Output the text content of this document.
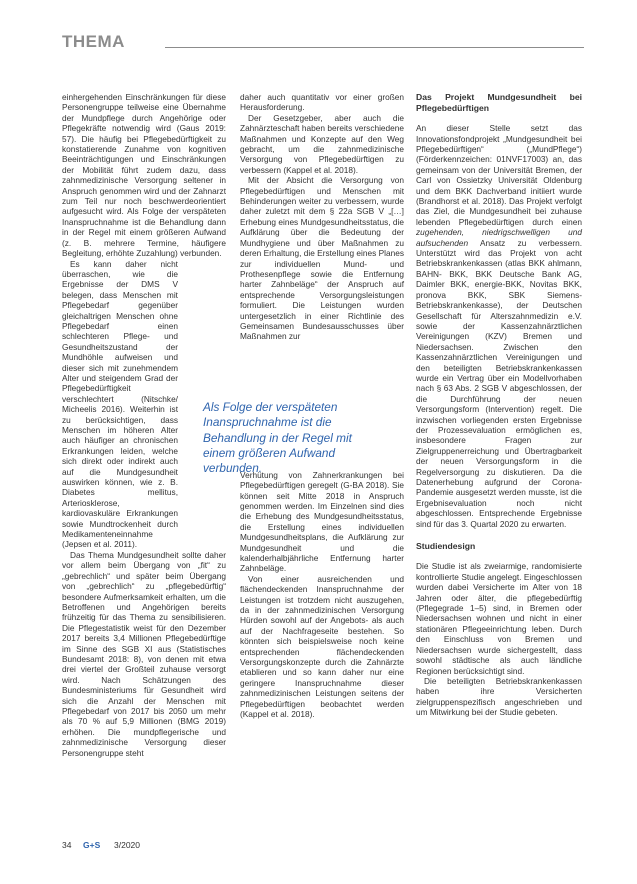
THEMA

einhergehenden Einschränkungen für diese Personengruppe teilweise eine Übernahme der Mundpflege durch Angehörige oder Pflegekräfte notwendig wird (Gaus 2019: 57). Die häufig bei Pflegebedürftigkeit zu konstatierende Zunahme von kognitiven Beeinträchtigungen und Einschränkungen der Mobilität führt zudem dazu, dass zahnmedizinische Versorgung seltener in Anspruch genommen wird und der Zahnarzt zum Teil nur noch beschwerdeorientiert aufgesucht wird. Als Folge der verspäteten Inanspruchnahme ist die Behandlung dann in der Regel mit einem größeren Aufwand (z. B. mehrere Termine, häufigere Begleitung, erhöhte Zuzahlung) verbunden.

Es kann daher nicht überraschen, wie die Ergebnisse der DMS V belegen, dass Menschen mit Pflegebedarf gegenüber gleichaltrigen Menschen ohne Pflegebedarf einen schlechteren Pflege- und Gesundheitszustand der Mundhöhle aufweisen und dieser sich mit zunehmendem Alter und steigendem Grad der Pflegebedürftigkeit verschlechtert (Nitschke/ Micheelis 2016). Weiterhin ist zu berücksichtigen, dass Menschen im höheren Alter auch häufiger an chronischen Erkrankungen leiden, welche sich direkt oder indirekt auch auf die Mundgesundheit auswirken können, wie z. B. Diabetes mellitus, Arteriosklerose, kardiovaskuläre Erkrankungen sowie Mundtrockenheit durch Medikamenteneinnahme (Jepsen et al. 2011).

Das Thema Mundgesundheit sollte daher vor allem beim Übergang von „fit“ zu „gebrechlich“ und später beim Übergang von „gebrechlich“ zu „pflegebedürftig“ besondere Aufmerksamkeit erhalten, um die Betroffenen und Angehörigen bereits frühzeitig für das Thema zu sensibilisieren. Die Pflegestatistik weist für den Dezember 2017 bereits 3,4 Millionen Pflegebedürftige im Sinne des SGB XI aus (Statistisches Bundesamt 2018: 8), von denen mit etwa drei viertel der Großteil zuhause versorgt wird. Nach Schätzungen des Bundesministeriums für Gesundheit wird sich die Anzahl der Menschen mit Pflegebedarf von 2017 bis 2050 um mehr als 70 % auf 5,9 Millionen (BMG 2019) erhöhen. Die mundpflegerische und zahnmedizinische Versorgung dieser Personengruppe steht

daher auch quantitativ vor einer großen Herausforderung.

Der Gesetzgeber, aber auch die Zahnärzteschaft haben bereits verschiedene Maßnahmen und Konzepte auf den Weg gebracht, um die zahnmedizinische Versorgung von Pflegebedürftigen zu verbessern (Kappel et al. 2018).

Mit der Absicht die Versorgung von Pflegebedürftigen und Menschen mit Behinderungen weiter zu verbessern, wurde daher zuletzt mit dem § 22a SGB V „[…] Erhebung eines Mundgesundheitsstatus, die Aufklärung über die Bedeutung der Mundhygiene und über Maßnahmen zu deren Erhaltung, die Erstellung eines Planes zur individuellen Mund- und Prothesenpflege sowie die Entfernung harter Zahnbeläge“ der Anspruch auf entsprechende Versorgungsleistungen formuliert. Die Leistungen wurden untergesetzlich in einer Richtlinie des Gemeinsamen Bundesausschusses über Maßnahmen zur

Verhütung von Zahnerkrankungen bei Pflegebedürftigen geregelt (G-BA 2018). Sie können seit Mitte 2018 in Anspruch genommen werden. Im Einzelnen sind dies die Erhebung des Mundgesundheitsstatus, die Erstellung eines individuellen Mundgesundheitsplans, die Aufklärung zur Mundgesundheit und die kalenderhalbjährliche Entfernung harter Zahnbeläge.

Von einer ausreichenden und flächendeckenden Inanspruchnahme der Leistungen ist trotzdem nicht auszugehen, da in der zahnmedizinischen Versorgung Hürden sowohl auf der Angebots- als auch auf der Nachfrageseite bestehen. So könnten sich beispielsweise noch keine entsprechenden flächendeckenden Versorgungskonzepte durch die Zahnärzte etablieren und so kann daher nur eine geringere Inanspruchnahme dieser zahnmedizinischen Leistungen seitens der Pflegebedürftigen beobachtet werden (Kappel et al. 2018).

Als Folge der verspäteten Inanspruchnahme ist die Behandlung in der Regel mit einem größeren Aufwand verbunden.

Das Projekt Mundgesundheit bei Pflegebedürftigen

An dieser Stelle setzt das Innovationsfondprojekt „Mundgesundheit bei Pflegebedürftigen“ („MundPflege“) (Förderkennzeichen: 01NVF17003) an, das gemeinsam von der Universität Bremen, der Carl von Ossietzky Universität Oldenburg und dem BKK Dachverband initiiert wurde (Brandhorst et al. 2018). Das Projekt verfolgt das Ziel, die Mundgesundheit bei zuhause lebenden Pflegebedürftigen durch einen zugehenden, niedrigschwelligen und aufsuchenden Ansatz zu verbessern. Unterstützt wird das Projekt von acht Betriebskrankenkassen (atlas BKK ahlmann, BAHN- BKK, BKK Deutsche Bank AG, Daimler BKK, energie-BKK, Novitas BKK, pronova BKK, SBK Siemens-Betriebskrankenkasse), der Deutschen Gesellschaft für Alterszahnmedizin e.V. sowie der Kassenzahnärztlichen Vereinigungen (KZV) Bremen und Niedersachsen. Zwischen den Kassenzahnärztlichen Vereinigungen und den beteiligten Betriebskrankenkassen wurde ein Vertrag über ein Modellvorhaben nach § 63 Abs. 2 SGB V abgeschlossen, der die Durchführung der neuen Versorgungsform (Intervention) regelt. Die inzwischen vorliegenden ersten Ergebnisse der Prozessevaluation ermöglichen es, insbesondere Fragen zur Zielgruppenerreichung und Übertragbarkeit der neuen Versorgungsform in die Regelversorgung zu diskutieren. Da die Datenerhebung aufgrund der Corona-Pandemie ausgesetzt werden musste, ist die Ergebnisevaluation noch nicht abgeschlossen. Entsprechende Ergebnisse sind für das 3. Quartal 2020 zu erwarten.

Studiendesign

Die Studie ist als zweiarmige, randomisierte kontrollierte Studie angelegt. Eingeschlossen wurden dabei Versicherte im Alter von 18 Jahren oder älter, die pflegebedürftig (Pflegegrade 1–5) sind, in Bremen oder Niedersachsen wohnen und nicht in einer stationären Pflegeeinrichtung leben. Durch den Einschluss von Bremen und Niedersachsen wurde sichergestellt, dass sowohl städtische als auch ländliche Regionen berücksichtigt sind.

Die beteiligten Betriebskrankenkassen haben ihre Versicherten zielgruppenspezifisch angeschrieben und um Mitwirkung bei der Studie gebeten.

34 G+S 3/2020
